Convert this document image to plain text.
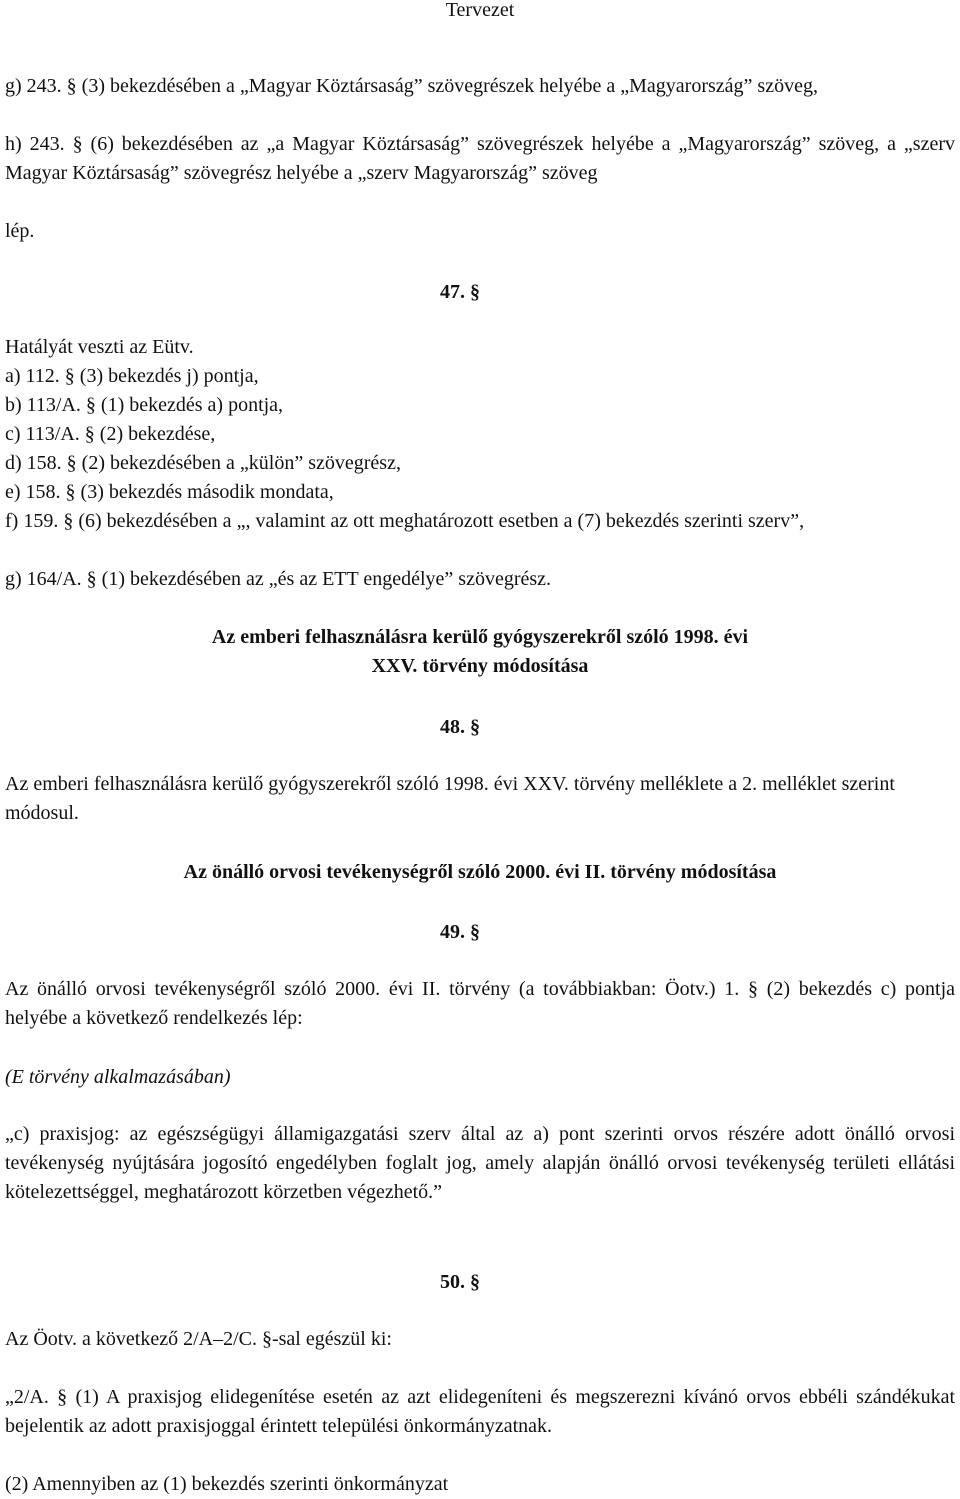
Tervezet

g) 243. § (3) bekezdésében a „Magyar Köztársaság” szövegrészek helyébe a „Magyarország” szöveg,

h) 243. § (6) bekezdésében az „a Magyar Köztársaság” szövegrészek helyébe a „Magyarország” szöveg, a „szerv Magyar Köztársaság” szövegrész helyébe a „szerv Magyarország” szöveg

lép.

47. §

Hatályát veszti az Eütv.

a) 112. § (3) bekezdés j) pontja,

b) 113/A. § (1) bekezdés a) pontja,

c) 113/A. § (2) bekezdése,

d) 158. § (2) bekezdésében a „külön” szövegrész,

e) 158. § (3) bekezdés második mondata,

f) 159. § (6) bekezdésében a „, valamint az ott meghatározott esetben a (7) bekezdés szerinti szerv”,

g) 164/A. § (1) bekezdésében az „és az ETT engedélye” szövegrész.

Az emberi felhasználásra kerülő gyógyszerekről szóló 1998. évi XXV. törvény módosítása

48. §

Az emberi felhasználásra kerülő gyógyszerekről szóló 1998. évi XXV. törvény melléklete a 2. melléklet szerint módosul.

Az önálló orvosi tevékenységről szóló 2000. évi II. törvény módosítása

49. §

Az önálló orvosi tevékenységről szóló 2000. évi II. törvény (a továbbiakban: Öotv.) 1. § (2) bekezdés c) pontja helyébe a következő rendelkezés lép:

(E törvény alkalmazásában)

„c) praxisjog: az egészségügyi államigazgatási szerv által az a) pont szerinti orvos részére adott önálló orvosi tevékenység nyújtására jogosító engedélyben foglalt jog, amely alapján önálló orvosi tevékenység területi ellátási kötelezettséggel, meghatározott körzetben végezhető.”

50. §

Az Öotv. a következő 2/A–2/C. §-sal egészül ki:

„2/A. § (1) A praxisjog elidegenítése esetén az azt elidegeníteni és megszerezni kívánó orvos ebbéli szándékukat bejelentik az adott praxisjoggal érintett települési önkormányzatnak.

(2) Amennyiben az (1) bekezdés szerinti önkormányzat
